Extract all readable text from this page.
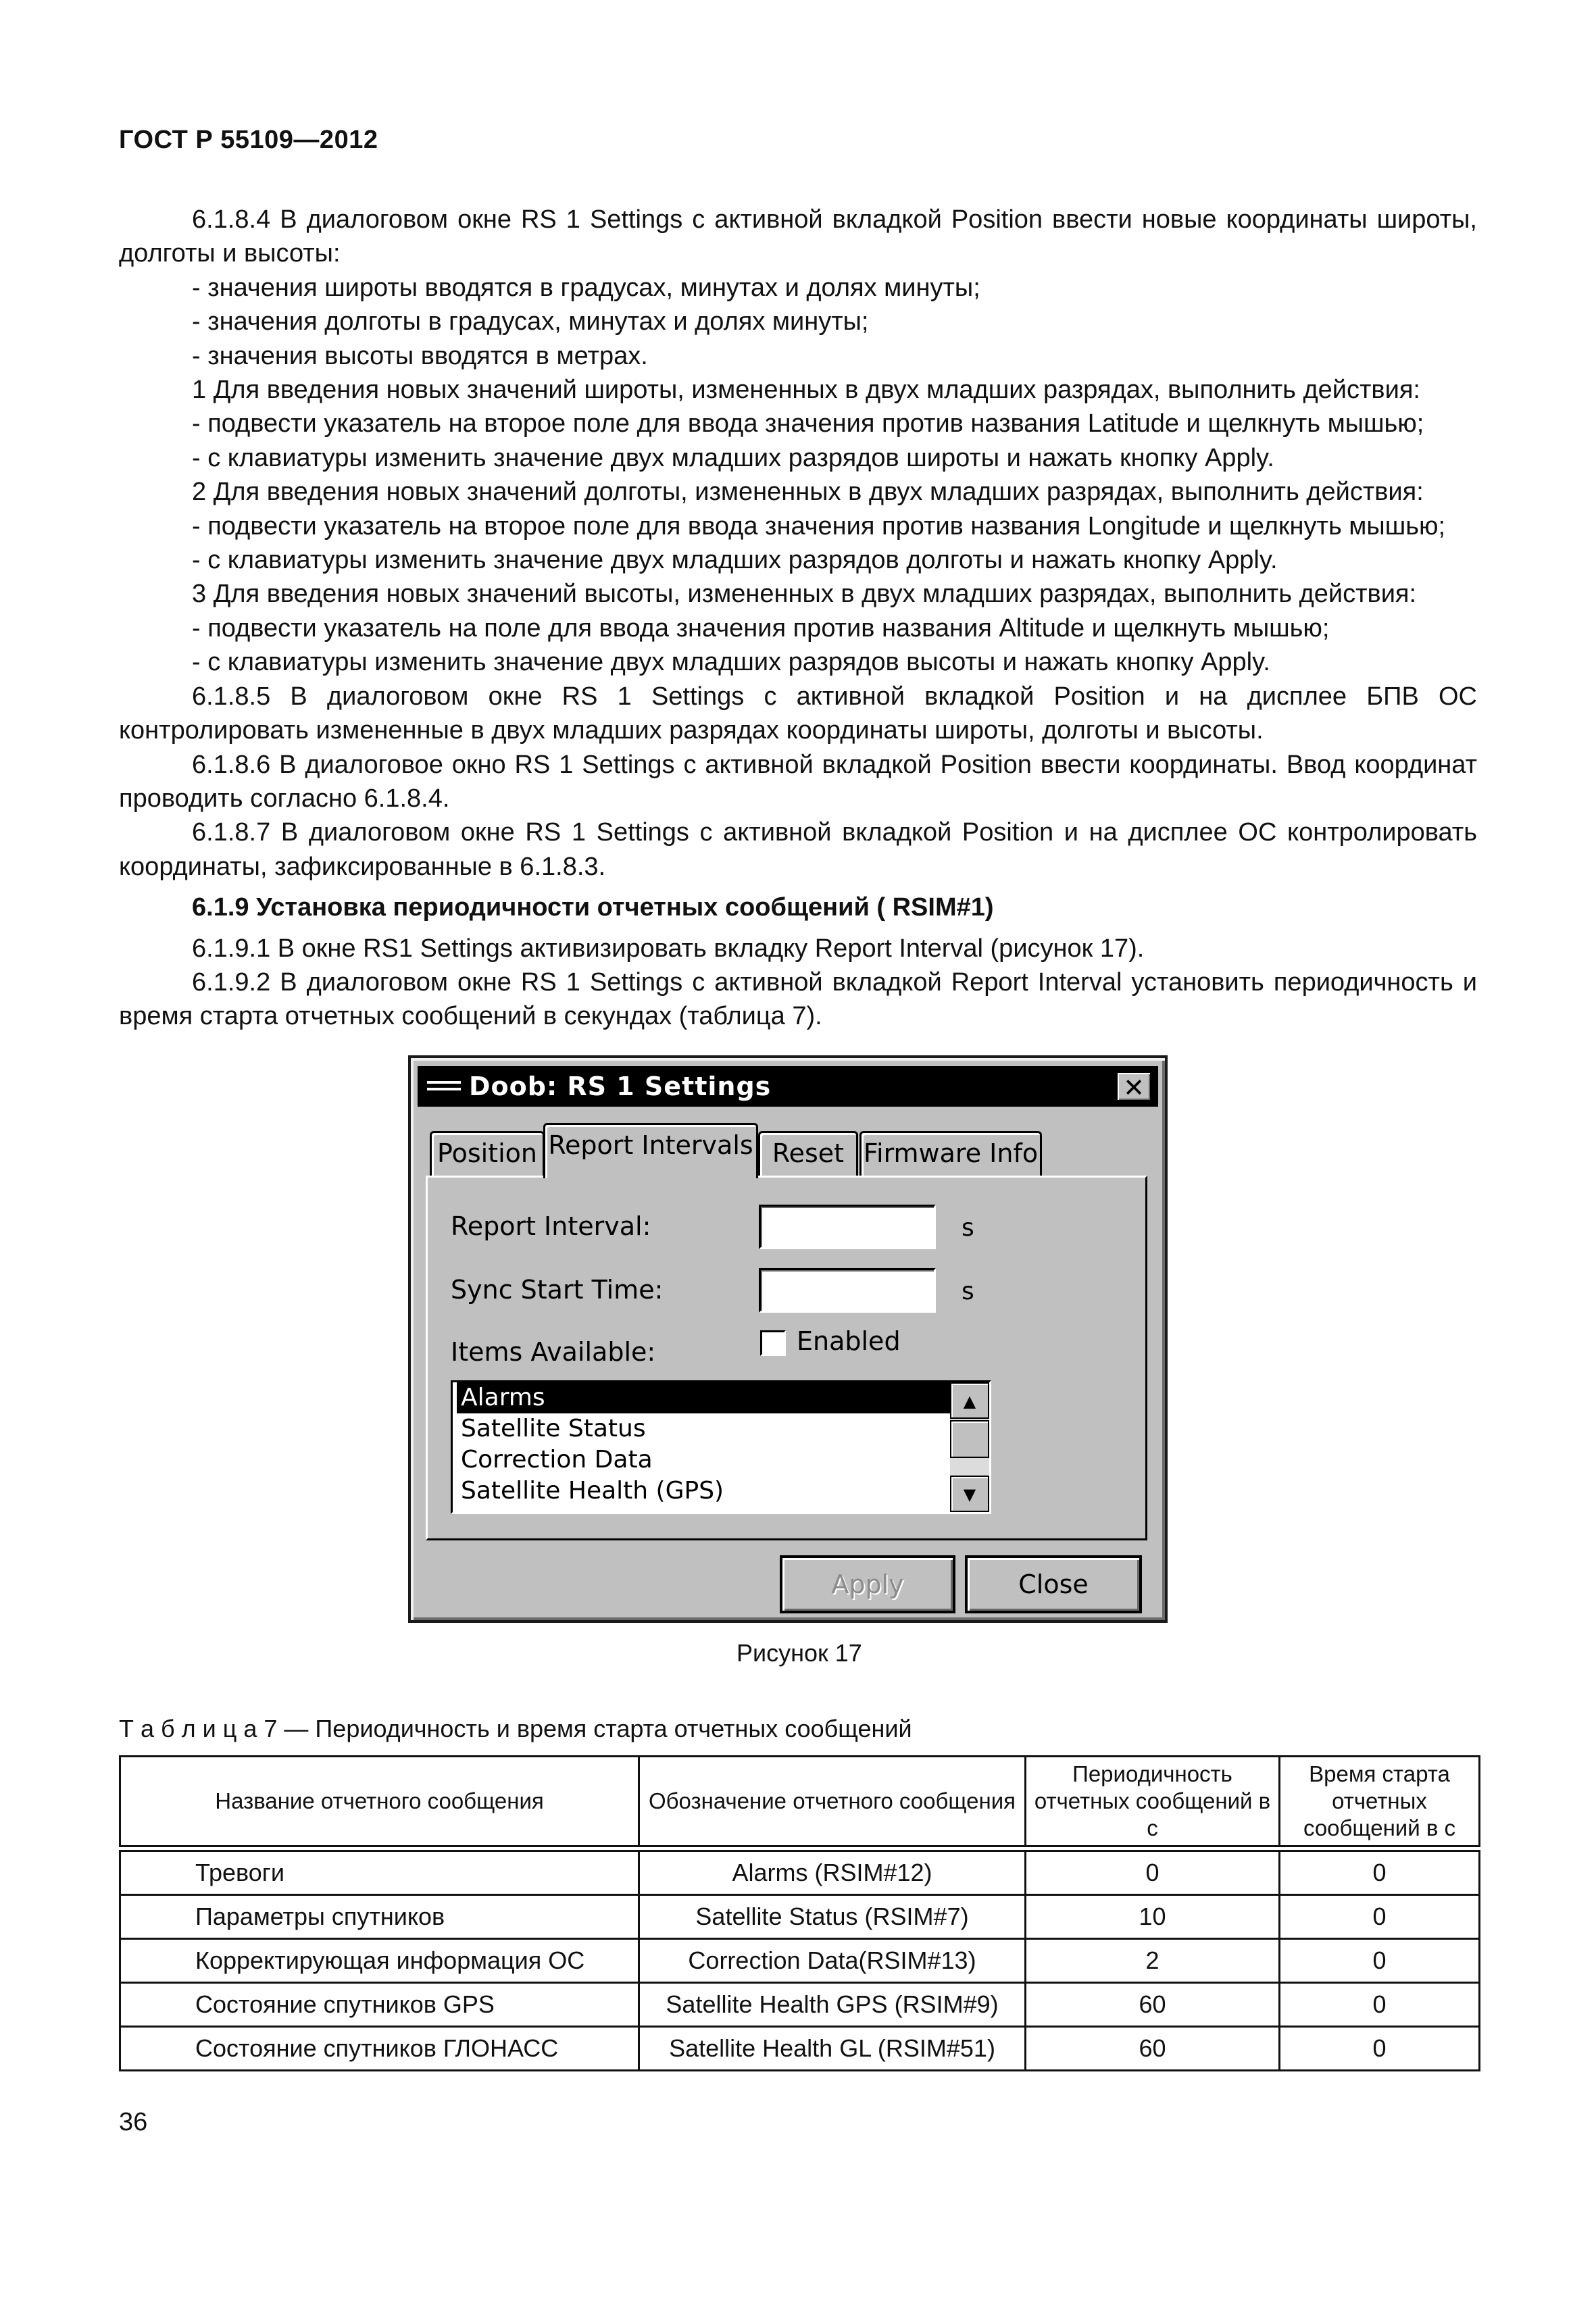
ГОСТ Р 55109—2012

6.1.8.4 В диалоговом окне RS 1 Settings с активной вкладкой Position ввести новые координаты широты, долготы и высоты:

- значения широты вводятся в градусах, минутах и долях минуты;

- значения долготы в градусах, минутах и долях минуты;

- значения высоты вводятся в метрах.

1 Для введения новых значений широты, измененных в двух младших разрядах, выполнить действия:

- подвести указатель на второе поле для ввода значения против названия Latitude и щелкнуть мышью;

- с клавиатуры изменить значение двух младших разрядов широты и нажать кнопку Apply.

2 Для введения новых значений долготы, измененных в двух младших разрядах, выполнить действия:

- подвести указатель на второе поле для ввода значения против названия Longitude и щелкнуть мышью;

- с клавиатуры изменить значение двух младших разрядов долготы и нажать кнопку Apply.

3 Для введения новых значений высоты, измененных в двух младших разрядах, выполнить действия:

- подвести указатель на поле для ввода значения против названия Altitude и щелкнуть мышью;

- с клавиатуры изменить значение двух младших разрядов высоты и нажать кнопку Apply.

6.1.8.5 В диалоговом окне RS 1 Settings с активной вкладкой Position и на дисплее БПВ ОС контролировать измененные в двух младших разрядах координаты широты, долготы и высоты.

6.1.8.6 В диалоговое окно RS 1 Settings с активной вкладкой Position ввести координаты. Ввод координат проводить согласно 6.1.8.4.

6.1.8.7 В диалоговом окне RS 1 Settings с активной вкладкой Position и на дисплее ОС контролировать координаты, зафиксированные в 6.1.8.3.

6.1.9 Установка периодичности отчетных сообщений ( RSIM#1)

6.1.9.1 В окне RS1 Settings активизировать вкладку Report Interval (рисунок 17).

6.1.9.2 В диалоговом окне RS 1 Settings с активной вкладкой Report Interval установить периодичность и время старта отчетных сообщений в секундах (таблица 7).

Doob: RS 1 Settings	✕
Position Report Intervals Reset Firmware Info
Report Interval:	s
Sync Start Time:	s
Items Available:	Enabled
Alarms
Satellite Status
Correction Data
Satellite Health (GPS)
▲
▼
Apply	Close
Рисунок 17
Т а б л и ц а 7 — Периодичность и время старта отчетных сообщений
Название отчетного сообщения	Обозначение отчетного сообщения	Периодичность отчетных сообщений в с	Время старта отчетных сообщений в с
Тревоги	Alarms (RSIM#12)	0	0
Параметры спутников	Satellite Status (RSIM#7)	10	0
Корректирующая информация ОС	Correction Data(RSIM#13)	2	0
Состояние спутников GPS	Satellite Health GPS (RSIM#9)	60	0
Состояние спутников ГЛОНАСС	Satellite Health GL (RSIM#51)	60	0
36
